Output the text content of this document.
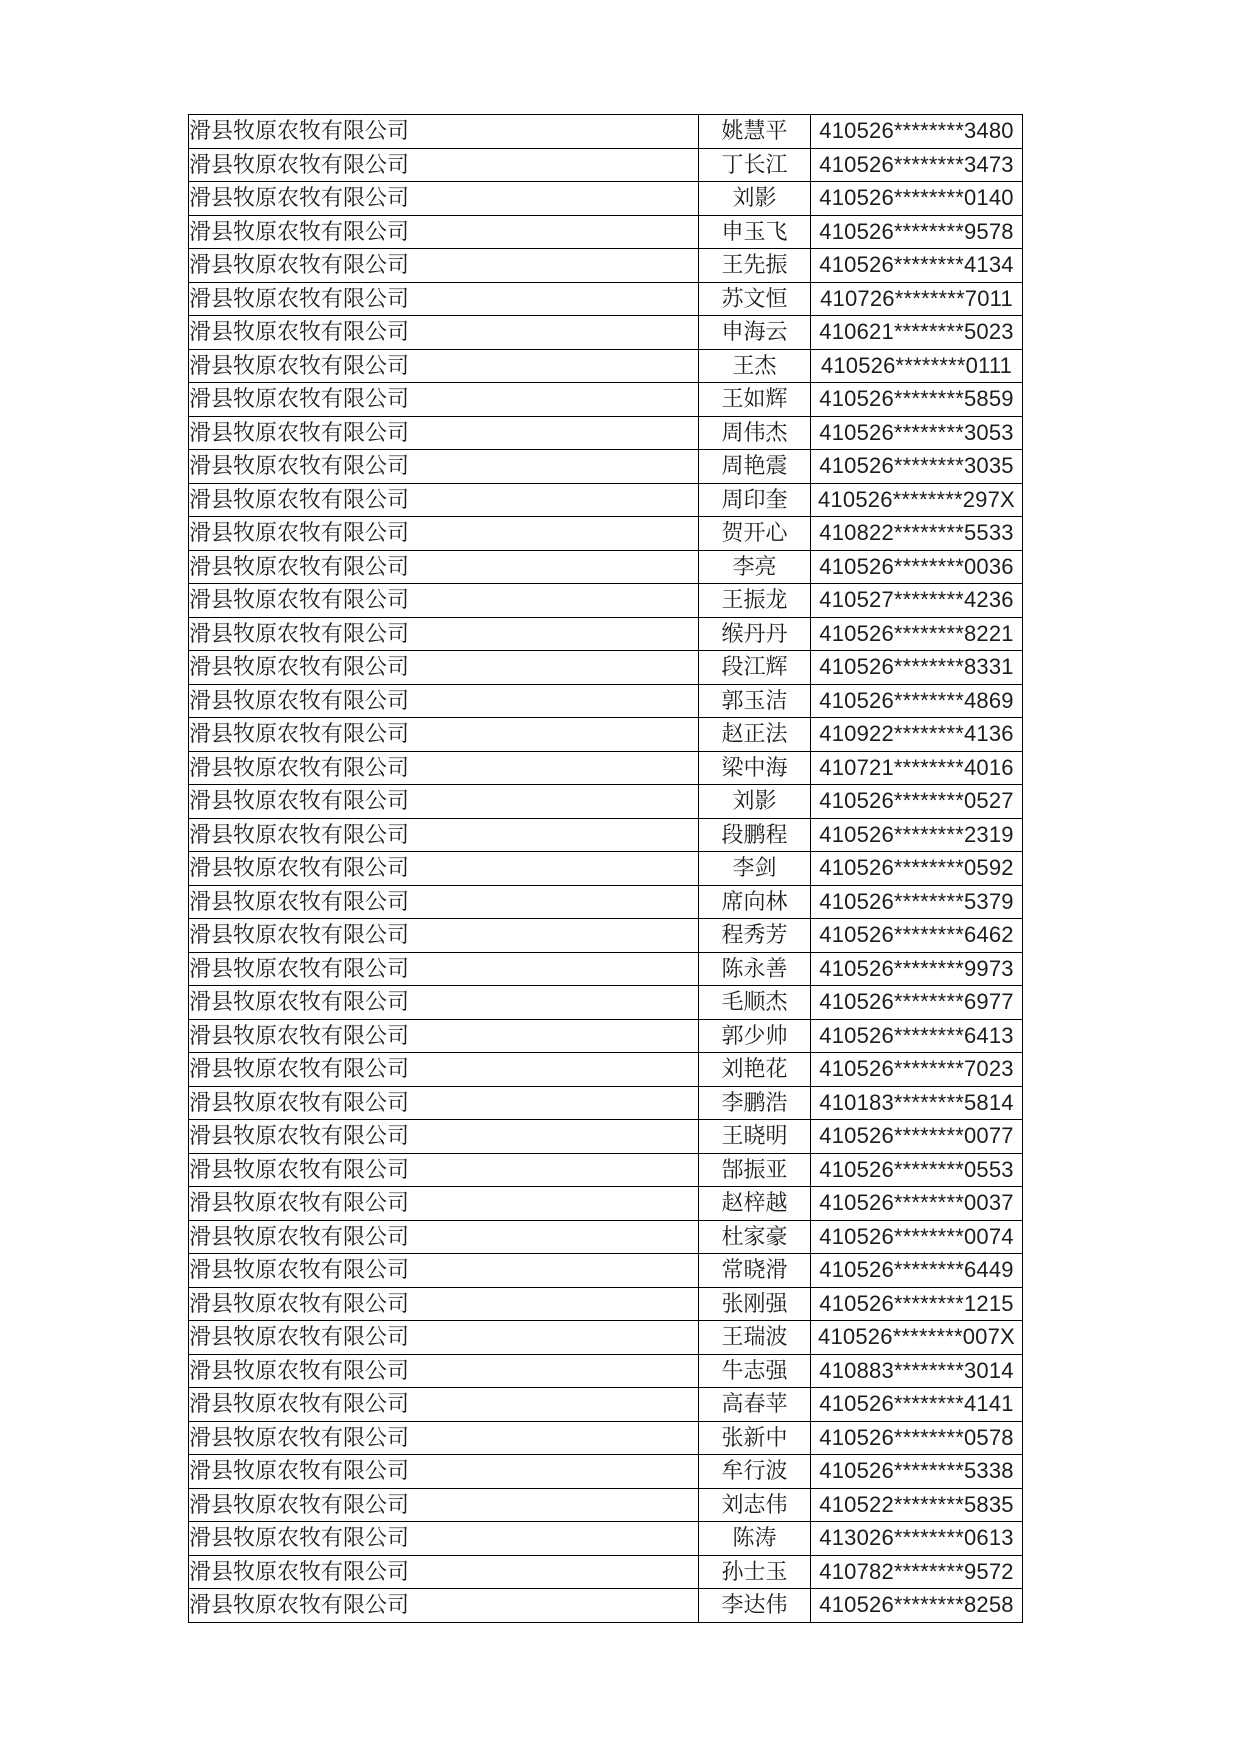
滑县牧原农牧有限公司	姚慧平	410526********3480
滑县牧原农牧有限公司	丁长江	410526********3473
滑县牧原农牧有限公司	刘影	410526********0140
滑县牧原农牧有限公司	申玉飞	410526********9578
滑县牧原农牧有限公司	王先振	410526********4134
滑县牧原农牧有限公司	苏文恒	410726********7011
滑县牧原农牧有限公司	申海云	410621********5023
滑县牧原农牧有限公司	王杰	410526********0111
滑县牧原农牧有限公司	王如辉	410526********5859
滑县牧原农牧有限公司	周伟杰	410526********3053
滑县牧原农牧有限公司	周艳震	410526********3035
滑县牧原农牧有限公司	周印奎	410526********297X
滑县牧原农牧有限公司	贺开心	410822********5533
滑县牧原农牧有限公司	李亮	410526********0036
滑县牧原农牧有限公司	王振龙	410527********4236
滑县牧原农牧有限公司	缑丹丹	410526********8221
滑县牧原农牧有限公司	段江辉	410526********8331
滑县牧原农牧有限公司	郭玉洁	410526********4869
滑县牧原农牧有限公司	赵正法	410922********4136
滑县牧原农牧有限公司	梁中海	410721********4016
滑县牧原农牧有限公司	刘影	410526********0527
滑县牧原农牧有限公司	段鹏程	410526********2319
滑县牧原农牧有限公司	李剑	410526********0592
滑县牧原农牧有限公司	席向林	410526********5379
滑县牧原农牧有限公司	程秀芳	410526********6462
滑县牧原农牧有限公司	陈永善	410526********9973
滑县牧原农牧有限公司	毛顺杰	410526********6977
滑县牧原农牧有限公司	郭少帅	410526********6413
滑县牧原农牧有限公司	刘艳花	410526********7023
滑县牧原农牧有限公司	李鹏浩	410183********5814
滑县牧原农牧有限公司	王晓明	410526********0077
滑县牧原农牧有限公司	郜振亚	410526********0553
滑县牧原农牧有限公司	赵梓越	410526********0037
滑县牧原农牧有限公司	杜家豪	410526********0074
滑县牧原农牧有限公司	常晓滑	410526********6449
滑县牧原农牧有限公司	张刚强	410526********1215
滑县牧原农牧有限公司	王瑞波	410526********007X
滑县牧原农牧有限公司	牛志强	410883********3014
滑县牧原农牧有限公司	高春苹	410526********4141
滑县牧原农牧有限公司	张新中	410526********0578
滑县牧原农牧有限公司	牟行波	410526********5338
滑县牧原农牧有限公司	刘志伟	410522********5835
滑县牧原农牧有限公司	陈涛	413026********0613
滑县牧原农牧有限公司	孙士玉	410782********9572
滑县牧原农牧有限公司	李达伟	410526********8258
